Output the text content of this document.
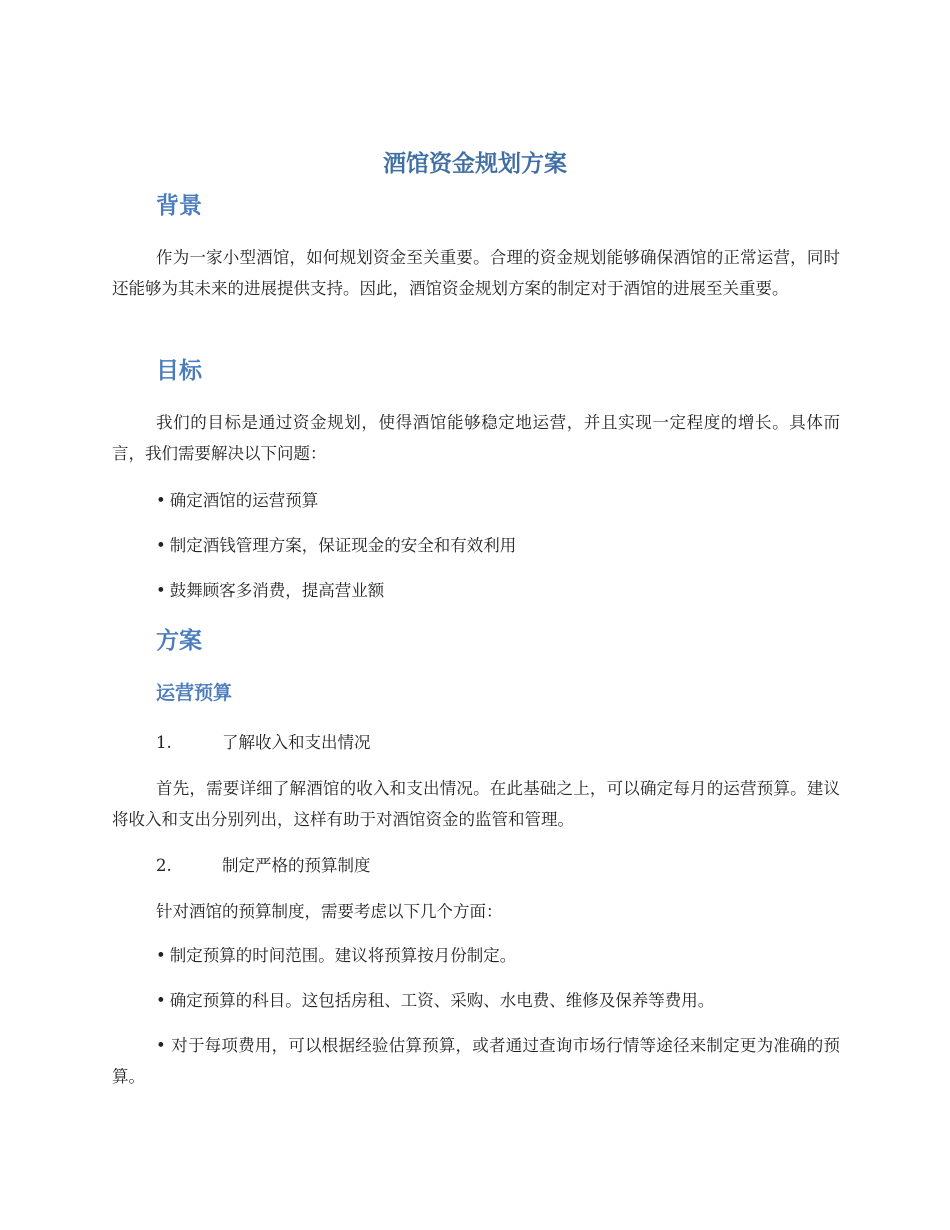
酒馆资金规划方案
背景

作为一家小型酒馆，如何规划资金至关重要。合理的资金规划能够确保酒馆的正常运营，同时还能够为其未来的进展提供支持。因此，酒馆资金规划方案的制定对于酒馆的进展至关重要。

目标

我们的目标是通过资金规划，使得酒馆能够稳定地运营，并且实现一定程度的增长。具体而言，我们需要解决以下问题：

• 确定酒馆的运营预算
• 制定酒钱管理方案，保证现金的安全和有效利用
• 鼓舞顾客多消费，提高营业额
方案
运营预算
1.	了解收入和支出情况

首先，需要详细了解酒馆的收入和支出情况。在此基础之上，可以确定每月的运营预算。建议将收入和支出分别列出，这样有助于对酒馆资金的监管和管理。

2.	制定严格的预算制度

针对酒馆的预算制度，需要考虑以下几个方面：

• 制定预算的时间范围。建议将预算按月份制定。
• 确定预算的科目。这包括房租、工资、采购、水电费、维修及保养等费用。

• 对于每项费用，可以根据经验估算预算，或者通过查询市场行情等途径来制定更为准确的预算。
